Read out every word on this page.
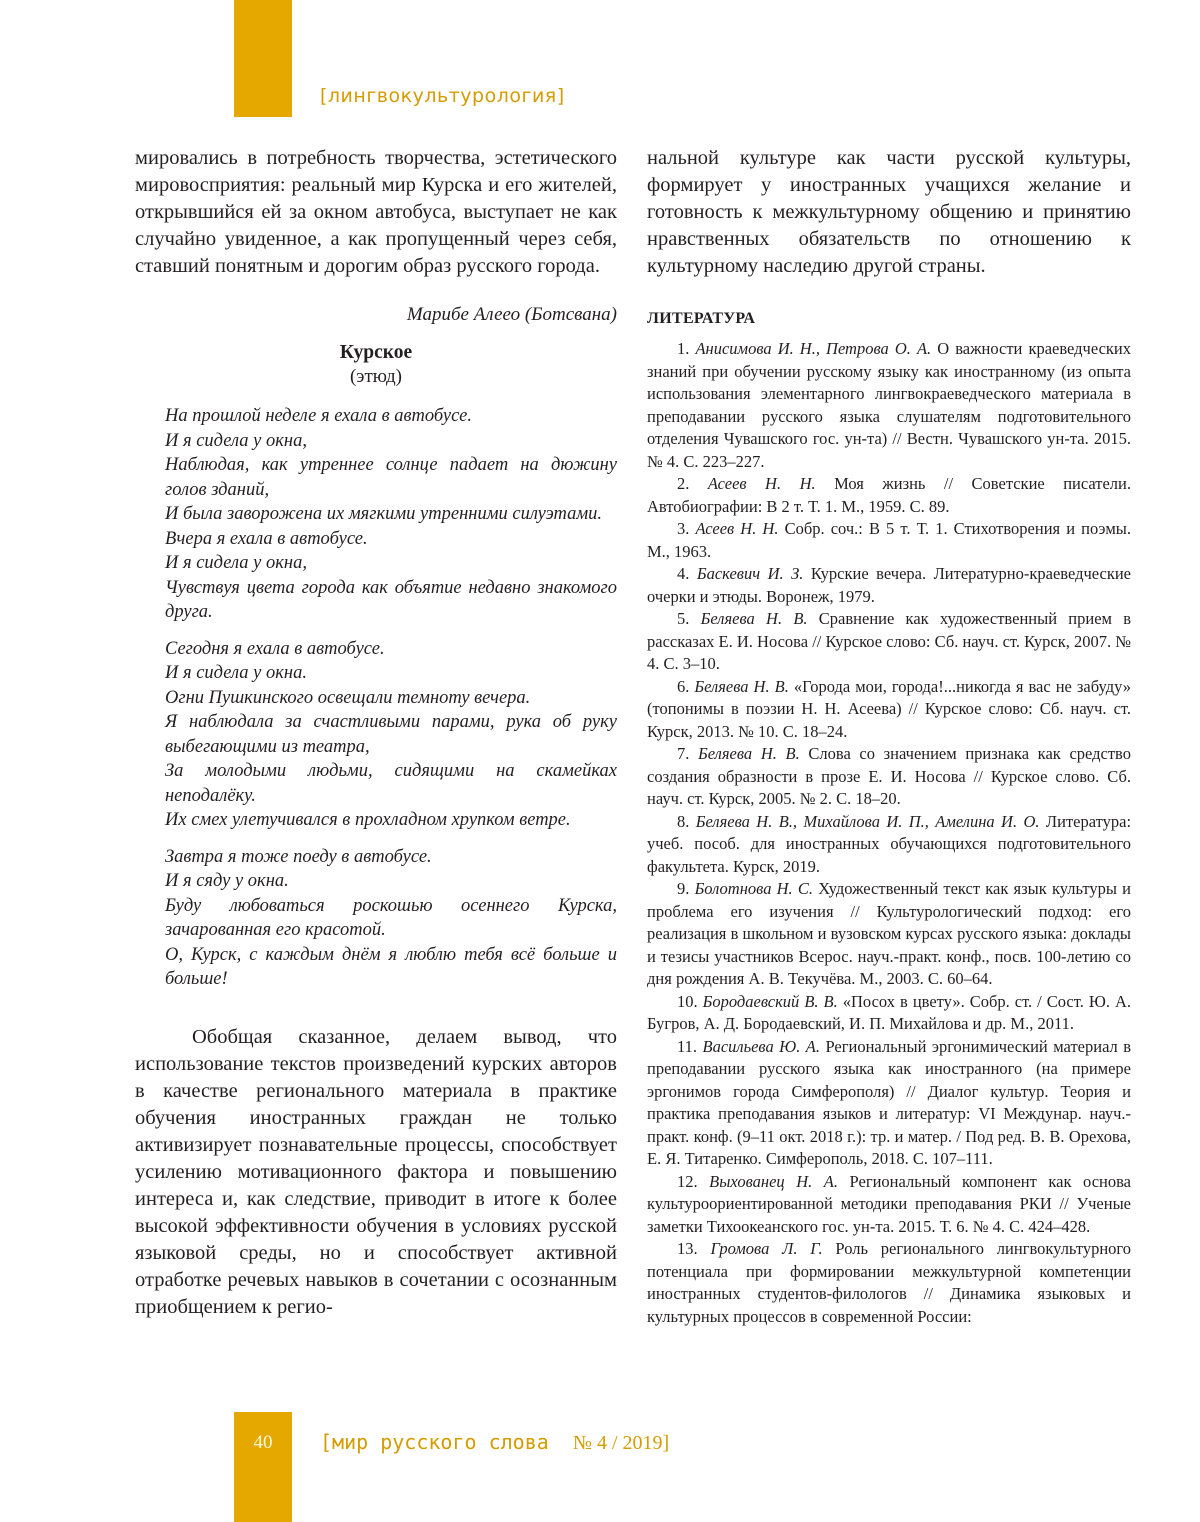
[лингвокультурология]

мировались в потребность творчества, эстетического мировосприятия: реальный мир Курска и его жителей, открывшийся ей за окном автобуса, выступает не как случайно увиденное, а как пропущенный через себя, ставший понятным и дорогим образ русского города.

Марибе Алеео (Ботсвана)

Курское

(этюд)

На прошлой неделе я ехала в автобусе.

И я сидела у окна,

Наблюдая, как утреннее солнце падает на дюжину голов зданий,

И была заворожена их мягкими утренними силуэтами.

Вчера я ехала в автобусе.

И я сидела у окна,

Чувствуя цвета города как объятие недавно знакомого друга.

Сегодня я ехала в автобусе.

И я сидела у окна.

Огни Пушкинского освещали темноту вечера.

Я наблюдала за счастливыми парами, рука об руку выбегающими из театра,

За молодыми людьми, сидящими на скамейках неподалёку.

Их смех улетучивался в прохладном хрупком ветре.

Завтра я тоже поеду в автобусе.

И я сяду у окна.

Буду любоваться роскошью осеннего Курска, зачарованная его красотой.

О, Курск, с каждым днём я люблю тебя всё больше и больше!

Обобщая сказанное, делаем вывод, что использование текстов произведений курских авторов в качестве регионального материала в практике обучения иностранных граждан не только активизирует познавательные процессы, способствует усилению мотивационного фактора и повышению интереса и, как следствие, приводит в итоге к более высокой эффективности обучения в условиях русской языковой среды, но и способствует активной отработке речевых навыков в сочетании с осознанным приобщением к регио-

нальной культуре как части русской культуры, формирует у иностранных учащихся желание и готовность к межкультурному общению и принятию нравственных обязательств по отношению к культурному наследию другой страны.

ЛИТЕРАТУРА

1. Анисимова И. Н., Петрова О. А. О важности краеведческих знаний при обучении русскому языку как иностранному (из опыта использования элементарного лингвокраеведческого материала в преподавании русского языка слушателям подготовительного отделения Чувашского гос. ун-та) // Вестн. Чувашского ун-та. 2015. № 4. С. 223–227.

2. Асеев Н. Н. Моя жизнь // Советские писатели. Автобиографии: В 2 т. Т. 1. М., 1959. С. 89.

3. Асеев Н. Н. Собр. соч.: В 5 т. Т. 1. Стихотворения и поэмы. М., 1963.

4. Баскевич И. З. Курские вечера. Литературно-краеведческие очерки и этюды. Воронеж, 1979.

5. Беляева Н. В. Сравнение как художественный прием в рассказах Е. И. Носова // Курское слово: Сб. науч. ст. Курск, 2007. № 4. С. 3–10.

6. Беляева Н. В. «Города мои, города!...никогда я вас не забуду» (топонимы в поэзии Н. Н. Асеева) // Курское слово: Сб. науч. ст. Курск, 2013. № 10. С. 18–24.

7. Беляева Н. В. Слова со значением признака как средство создания образности в прозе Е. И. Носова // Курское слово. Сб. науч. ст. Курск, 2005. № 2. С. 18–20.

8. Беляева Н. В., Михайлова И. П., Амелина И. О. Литература: учеб. пособ. для иностранных обучающихся подготовительного факультета. Курск, 2019.

9. Болотнова Н. С. Художественный текст как язык культуры и проблема его изучения // Культурологический подход: его реализация в школьном и вузовском курсах русского языка: доклады и тезисы участников Всерос. науч.-практ. конф., посв. 100-летию со дня рождения А. В. Текучёва. М., 2003. С. 60–64.

10. Бородаевский В. В. «Посох в цвету». Собр. ст. / Сост. Ю. А. Бугров, А. Д. Бородаевский, И. П. Михайлова и др. М., 2011.

11. Васильева Ю. А. Региональный эргонимический материал в преподавании русского языка как иностранного (на примере эргонимов города Симферополя) // Диалог культур. Теория и практика преподавания языков и литератур: VI Междунар. науч.-практ. конф. (9–11 окт. 2018 г.): тр. и матер. / Под ред. В. В. Орехова, Е. Я. Титаренко. Симферополь, 2018. С. 107–111.

12. Выхованец Н. А. Региональный компонент как основа культуроориентированной методики преподавания РКИ // Ученые заметки Тихоокеанского гос. ун-та. 2015. Т. 6. № 4. С. 424–428.

13. Громова Л. Г. Роль регионального лингвокультурного потенциала при формировании межкультурной компетенции иностранных студентов-филологов // Динамика языковых и культурных процессов в современной России:

40	[мир русского слова № 4 / 2019]
